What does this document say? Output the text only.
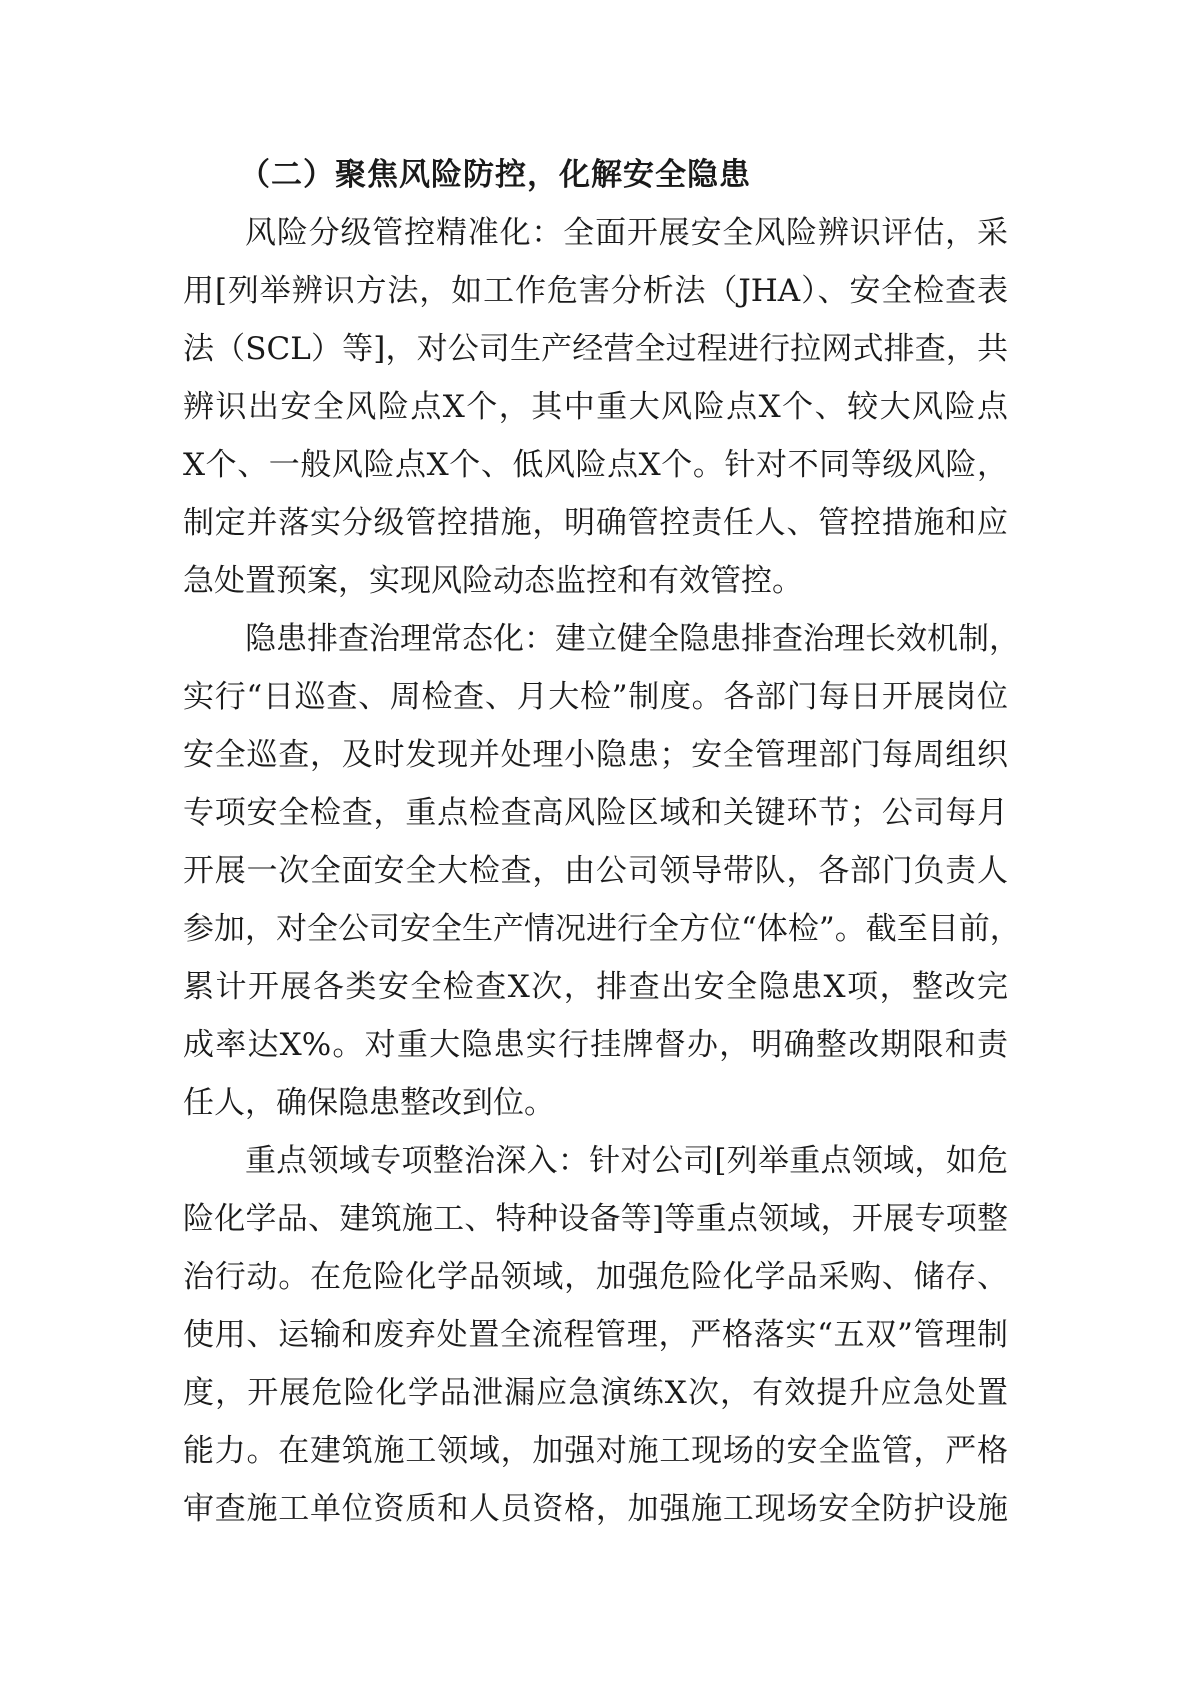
（二）聚焦风险防控，化解安全隐患
风险分级管控精准化：全面开展安全风险辨识评估，采
用[列举辨识方法，如工作危害分析法（JHA）、安全检查表
法（SCL）等]，对公司生产经营全过程进行拉网式排查，共
辨识出安全风险点X个，其中重大风险点X个、较大风险点
X个、一般风险点X个、低风险点X个。针对不同等级风险，
制定并落实分级管控措施，明确管控责任人、管控措施和应
急处置预案，实现风险动态监控和有效管控。
隐患排查治理常态化：建立健全隐患排查治理长效机制，
实行“日巡查、周检查、月大检”制度。各部门每日开展岗位
安全巡查，及时发现并处理小隐患；安全管理部门每周组织
专项安全检查，重点检查高风险区域和关键环节；公司每月
开展一次全面安全大检查，由公司领导带队，各部门负责人
参加，对全公司安全生产情况进行全方位“体检”。截至目前，
累计开展各类安全检查X次，排查出安全隐患X项，整改完
成率达X%。对重大隐患实行挂牌督办，明确整改期限和责
任人，确保隐患整改到位。
重点领域专项整治深入：针对公司[列举重点领域，如危
险化学品、建筑施工、特种设备等]等重点领域，开展专项整
治行动。在危险化学品领域，加强危险化学品采购、储存、
使用、运输和废弃处置全流程管理，严格落实“五双”管理制
度，开展危险化学品泄漏应急演练X次，有效提升应急处置
能力。在建筑施工领域，加强对施工现场的安全监管，严格
审查施工单位资质和人员资格，加强施工现场安全防护设施
